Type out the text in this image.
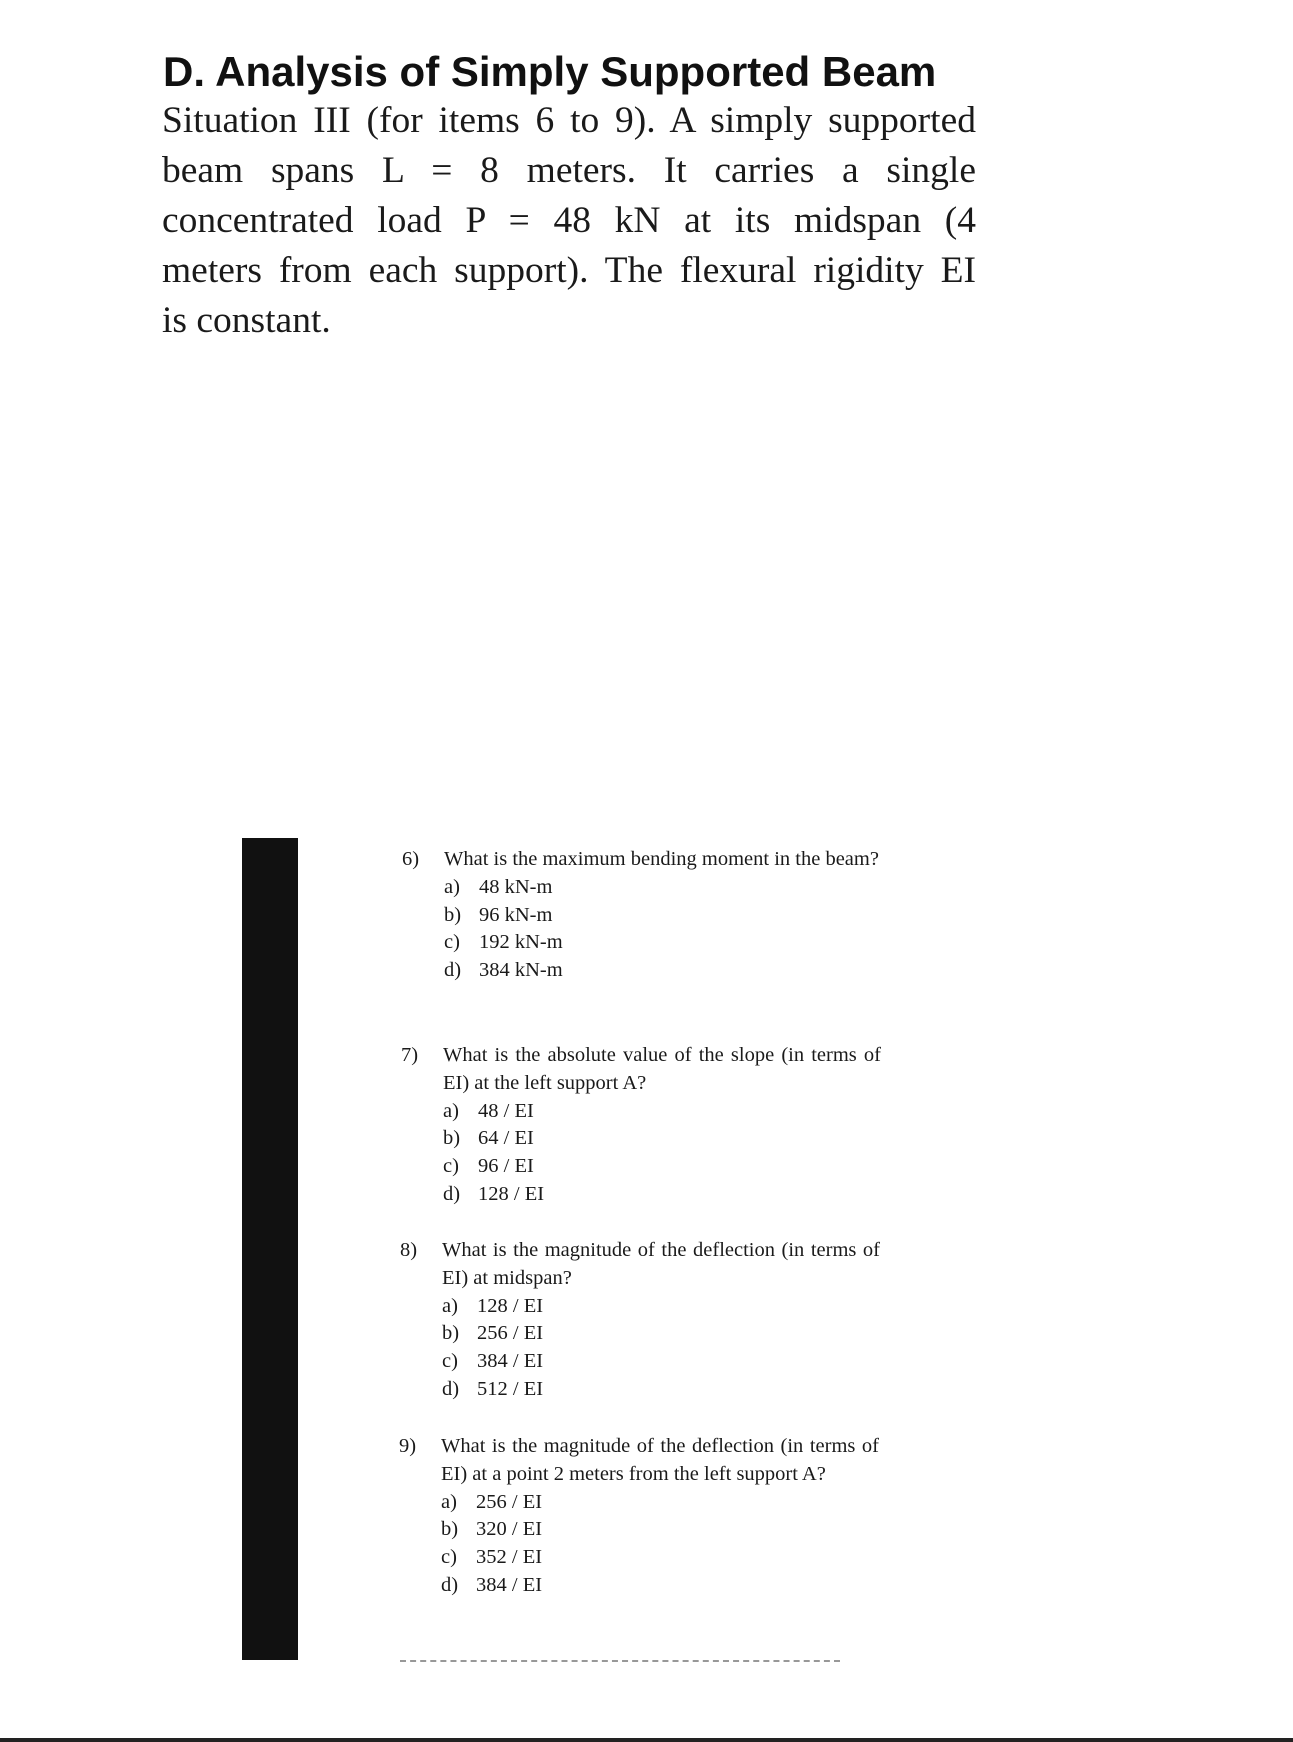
D. Analysis of Simply Supported Beam

Situation III (for items 6 to 9). A simply supported
beam spans L = 8 meters. It carries a single
concentrated load P = 48 kN at its midspan (4
meters from each support). The flexural rigidity EI
is constant.

6)	What is the maximum bending moment in the beam?
a) 48 kN-m
b) 96 kN-m
c) 192 kN-m
d) 384 kN-m
7)	What is the absolute value of the slope (in terms of EI) at the left support A?
a) 48 / EI
b) 64 / EI
c) 96 / EI
d) 128 / EI
8)	What is the magnitude of the deflection (in terms of EI) at midspan?
a) 128 / EI
b) 256 / EI
c) 384 / EI
d) 512 / EI
9)	What is the magnitude of the deflection (in terms of EI) at a point 2 meters from the left support A?
a) 256 / EI
b) 320 / EI
c) 352 / EI
d) 384 / EI
